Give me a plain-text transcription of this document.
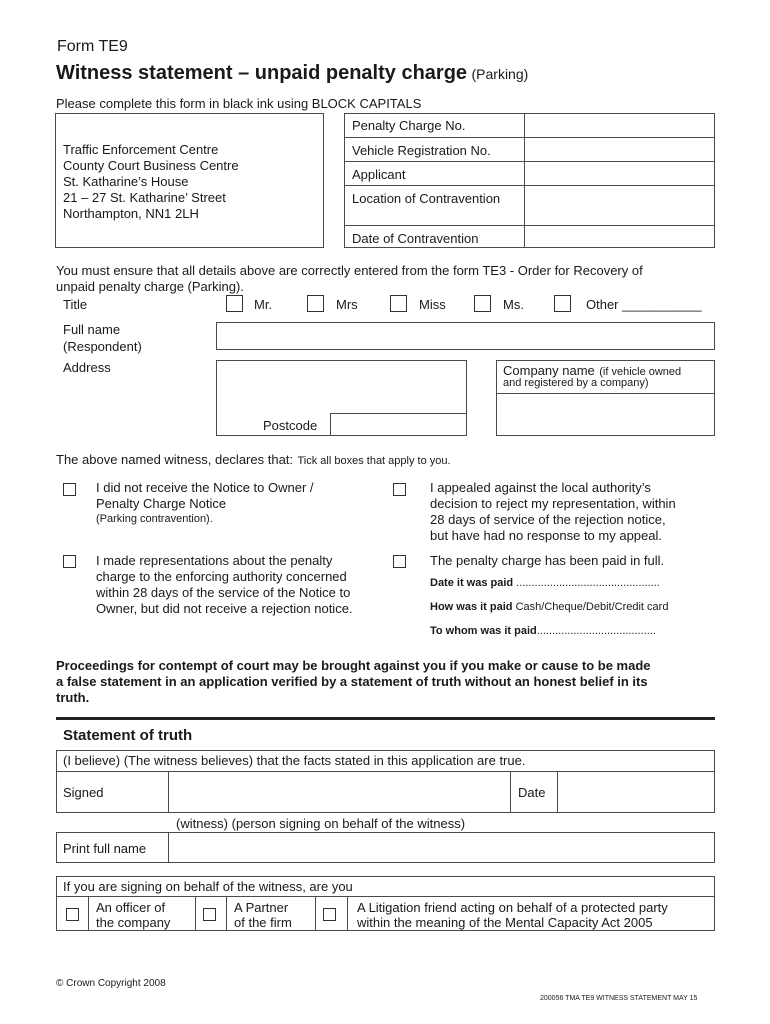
Form TE9
Witness statement – unpaid penalty charge (Parking)
Please complete this form in black ink using BLOCK CAPITALS
Traffic Enforcement Centre
County Court Business Centre
St. Katharine’s House
21 – 27 St. Katharine’ Street
Northampton, NN1 2LH
Penalty Charge No.
Vehicle Registration No.
Applicant
Location of Contravention
Date of Contravention
You must ensure that all details above are correctly entered from the form TE3 - Order for Recovery of
unpaid penalty charge (Parking).
Title	Mr.	Mrs	Miss	Ms.	Other ___________
Full name
(Respondent)
Address
Postcode
Company name (if vehicle owned
and registered by a company)
The above named witness, declares that: Tick all boxes that apply to you.
I did not receive the Notice to Owner /
Penalty Charge Notice
(Parking contravention).
I appealed against the local authority’s
decision to reject my representation, within
28 days of service of the rejection notice,
but have had no response to my appeal.
I made representations about the penalty
charge to the enforcing authority concerned
within 28 days of the service of the Notice to
Owner, but did not receive a rejection notice.
The penalty charge has been paid in full.
Date it was paid ...............................................
How was it paid Cash/Cheque/Debit/Credit card
To whom was it paid.......................................
Proceedings for contempt of court may be brought against you if you make or cause to be made
a false statement in an application verified by a statement of truth without an honest belief in its
truth.
Statement of truth
(I believe) (The witness believes) that the facts stated in this application are true.
Signed	Date
(witness) (person signing on behalf of the witness)
Print full name
If you are signing on behalf of the witness, are you
An officer of
the company
A Partner
of the firm
A Litigation friend acting on behalf of a protected party
within the meaning of the Mental Capacity Act 2005
© Crown Copyright 2008
200056 TMA TE9 WITNESS STATEMENT MAY 15
